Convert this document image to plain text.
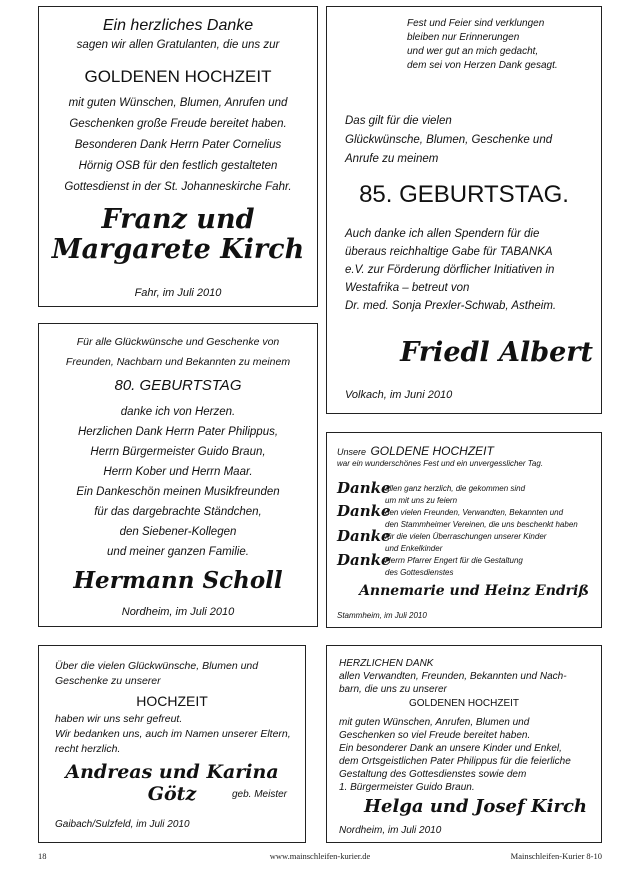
Ein herzliches Danke
sagen wir allen Gratulanten, die uns zur
GOLDENEN HOCHZEIT
mit guten Wünschen, Blumen, Anrufen und
Geschenken große Freude bereitet haben.
Besonderen Dank Herrn Pater Cornelius
Hörnig OSB für den festlich gestalteten
Gottesdienst in der St. Johanneskirche Fahr.
Franz und
Margarete Kirch
Fahr, im Juli 2010
Fest und Feier sind verklungen
bleiben nur Erinnerungen
und wer gut an mich gedacht,
dem sei von Herzen Dank gesagt.
Das gilt für die vielen
Glückwünsche, Blumen, Geschenke und
Anrufe zu meinem
85. GEBURTSTAG.
Auch danke ich allen Spendern für die
überaus reichhaltige Gabe für TABANKA
e.V. zur Förderung dörflicher Initiativen in
Westafrika – betreut von
Dr. med. Sonja Prexler-Schwab, Astheim.
Friedl Albert
Volkach, im Juni 2010
Für alle Glückwünsche und Geschenke von
Freunden, Nachbarn und Bekannten zu meinem
80. GEBURTSTAG
danke ich von Herzen.
Herzlichen Dank Herrn Pater Philippus,
Herrn Bürgermeister Guido Braun,
Herrn Kober und Herrn Maar.
Ein Dankeschön meinen Musikfreunden
für das dargebrachte Ständchen,
den Siebener-Kollegen
und meiner ganzen Familie.
Hermann Scholl
Nordheim, im Juli 2010
Unsere GOLDENE HOCHZEIT
war ein wunderschönes Fest und ein unvergesslicher Tag.
Danke
allen ganz herzlich, die gekommen sind
um mit uns zu feiern
Danke
den vielen Freunden, Verwandten, Bekannten und
den Stammheimer Vereinen, die uns beschenkt haben
Danke
für die vielen Überraschungen unserer Kinder
und Enkelkinder
Danke
Herrn Pfarrer Engert für die Gestaltung
des Gottesdienstes
Annemarie und Heinz Endriß
Stammheim, im Juli 2010
Über die vielen Glückwünsche, Blumen und
Geschenke zu unserer
HOCHZEIT
haben wir uns sehr gefreut.
Wir bedanken uns, auch im Namen unserer Eltern,
recht herzlich.
Andreas und Karina Götz	geb. Meister
Gaibach/Sulzfeld, im Juli 2010
HERZLICHEN DANK
allen Verwandten, Freunden, Bekannten und Nach-
barn, die uns zu unserer
GOLDENEN HOCHZEIT
mit guten Wünschen, Anrufen, Blumen und
Geschenken so viel Freude bereitet haben.
Ein besonderer Dank an unsere Kinder und Enkel,
dem Ortsgeistlichen Pater Philippus für die feierliche
Gestaltung des Gottesdienstes sowie dem
1. Bürgermeister Guido Braun.
Helga und Josef Kirch
Nordheim, im Juli 2010
18	www.mainschleifen-kurier.de	Mainschleifen-Kurier 8-10
